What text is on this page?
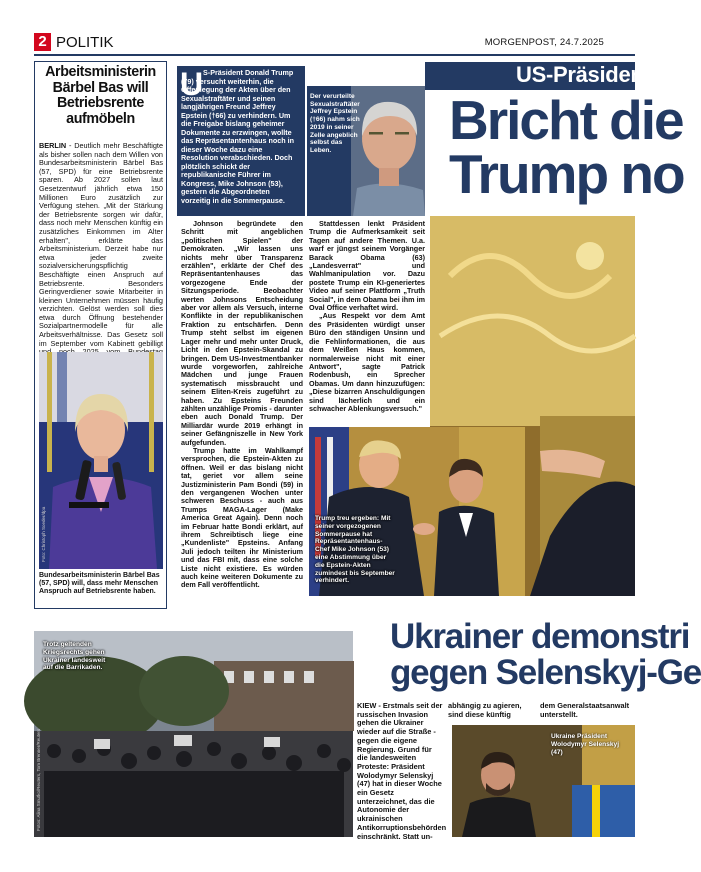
2 POLITIK	MORGENPOST, 24.7.2025
Arbeitsministerin Bärbel Bas will Betriebsrente aufmöbeln
BERLIN - Deutlich mehr Beschäftigte als bisher sollen nach dem Willen von Bundesarbeitsministerin Bärbel Bas (57, SPD) für eine Betriebsrente sparen. Ab 2027 sollen laut Gesetzentwurf jährlich etwa 150 Millionen Euro zusätzlich zur Verfügung stehen. „Mit der Stärkung der Betriebsrente sorgen wir dafür, dass noch mehr Menschen künftig ein zusätzliches Einkommen im Alter erhalten", erklärte das Arbeitsministerium. Derzeit habe nur etwa jeder zweite sozialversicherungspflichtig Beschäftigte einen Anspruch auf Betriebsrente. Besonders Geringverdiener sowie Mitarbeiter in kleinen Unternehmen müssen häufig verzichten. Gelöst werden soll dies etwa durch Öffnung bestehender Sozialpartnermodelle für alle Arbeitsverhältnisse. Das Gesetz soll im September vom Kabinett gebilligt
Foto: Christoph Soeder/dpa
Bundesarbeitsministerin Bärbel Bas (57, SPD) will, dass mehr Menschen Anspruch auf Betriebsrente haben.
U S-Präsident Donald Trump (79) versucht weiterhin, die Offenlegung der Akten über den Sexualstraftäter und seinen langjährigen Freund Jeffrey Epstein (†66) zu verhindern. Um die Freigabe bislang geheimer Dokumente zu erzwingen, wollte das Repräsentantenhaus noch in dieser Woche dazu eine Resolution verabschieden. Doch plötzlich schickt der republikanische Führer im Kongress, Mike Johnson (53), gestern die Abgeordneten vorzeitig in die Sommerpause.
Der verurteilte Sexualstraftäter Jeffrey Epstein (†66) nahm sich 2019 in seiner Zelle angeblich selbst das Leben.
US-Präsident
Bricht die
Trump no

Johnson begründete den Schritt mit angeblichen „politischen Spielen" der Demokraten. „Wir lassen uns nichts mehr über Transparenz erzählen", erklärte der Chef des Repräsentantenhauses das vorgezogene Ende der Sitzungsperiode. Beobachter werten Johnsons Entscheidung aber vor allem als Versuch, interne Konflikte in der republikanischen Fraktion zu entschärfen. Denn Trump steht selbst im eigenen Lager mehr und mehr unter Druck, Licht in den Epstein-Skandal zu bringen. Dem US-Investmentbanker wurde vorgeworfen, zahlreiche Mädchen und junge Frauen systematisch missbraucht und seinem Eliten-Kreis zugeführt zu haben. Zu Epsteins Freunden zählten unzählige Promis - darunter eben auch Donald Trump. Der Milliardär wurde 2019 erhängt in seiner Gefängniszelle in New York aufgefunden.

Trump hatte im Wahlkampf versprochen, die Epstein-Akten zu öffnen. Weil er das bislang nicht tat, geriet vor allem seine Justizministerin Pam Bondi (59) in den vergangenen Wochen unter schweren Beschuss - auch aus Trumps MAGA-Lager (Make America Great Again). Denn noch im Februar hatte Bondi erklärt, auf ihrem Schreibtisch liege eine „Kundenliste" Epsteins. Anfang Juli jedoch teilten ihr Ministerium und das FBI mit, dass eine solche Liste nicht existiere. Es würden auch keine weiteren Dokumente zu dem Fall veröffentlicht.

Stattdessen lenkt Präsident Trump die Aufmerksamkeit seit Tagen auf andere Themen. U.a. warf er jüngst seinem Vorgänger Barack Obama (63) „Landesverrat" und Wahlmanipulation vor. Dazu postete Trump ein KI-generiertes Video auf seiner Plattform „Truth Social", in dem Obama bei ihm im Oval Office verhaftet wird.

„Aus Respekt vor dem Amt des Präsidenten würdigt unser Büro den ständigen Unsinn und die Fehlinformationen, die aus dem Weißen Haus kommen, normalerweise nicht mit einer Antwort", sagte Patrick Rodenbush, ein Sprecher Obamas. Um dann hinzuzufügen: „Diese bizarren Anschuldigungen sind lächerlich und ein schwacher Ablenkungsversuch."

Trump treu ergeben: Mit seiner vorgezogenen Sommerpause hat Repräsentantenhaus-Chef Mike Johnson (53) eine Abstimmung über die Epstein-Akten zumindest bis September verhindert.
Ukrainer demonstri
gegen Selenskyj-Ge
Trotz geltenden Kriegsrechts gehen Ukrainer landesweit auf die Barrikaden.
Fotos: Alina Smutko/Reuters, Tom Brenner/Reuters
KIEW - Erstmals seit der russischen Invasion gehen die Ukrainer wieder auf die Straße - gegen die eigene Regierung. Grund für die landesweiten Proteste: Präsident Wolodymyr Selenskyj (47) hat in dieser Woche ein Gesetz unterzeichnet, das die Autonomie der ukrainischen Antikorruptionsbehörden einschränkt. Statt un-
abhängig zu agieren, sind diese künftig
dem Generalstaatsanwalt unterstellt.
Ukraine Präsident Wolodymyr Selenskyj (47)
